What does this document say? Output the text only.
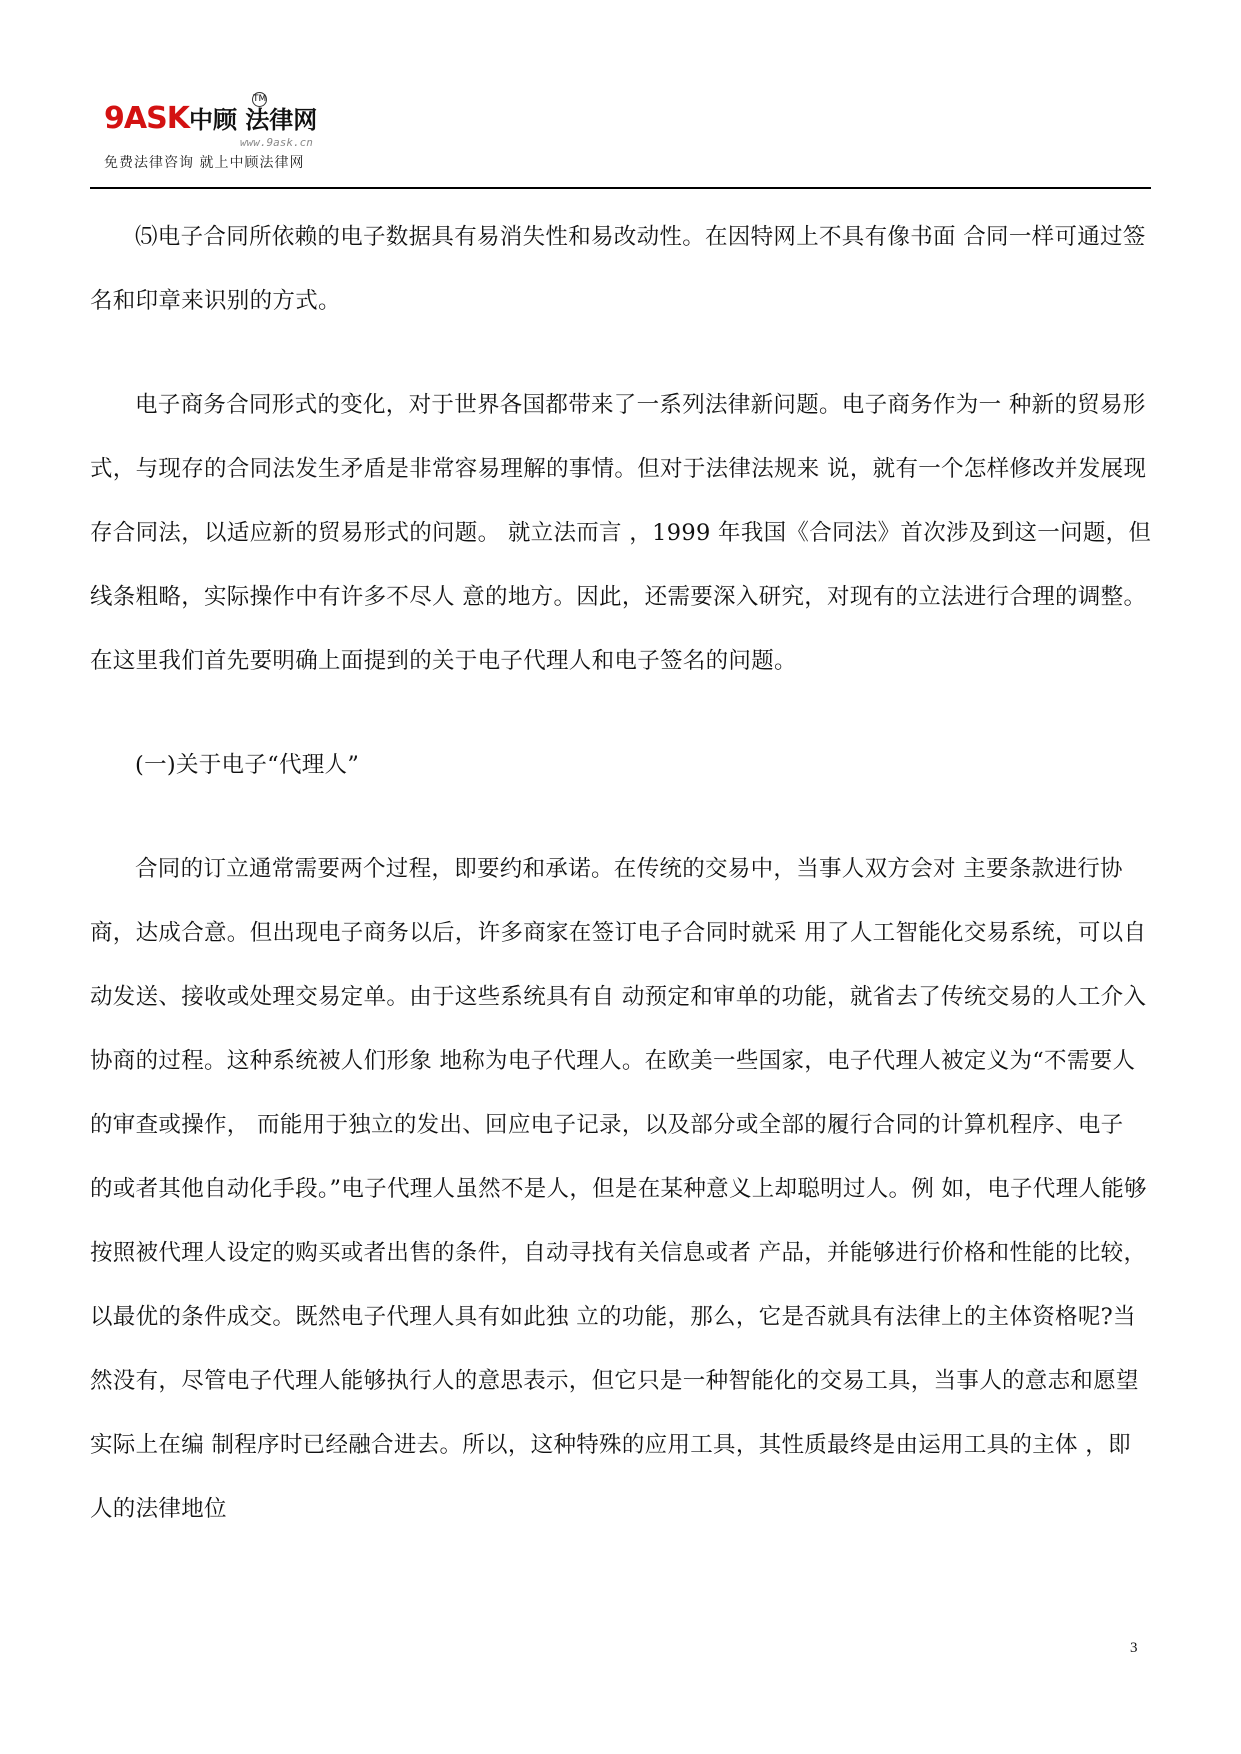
9ASK中顾 法律网
TM
www.9ask.cn
免费法律咨询 就上中顾法律网

⑸电子合同所依赖的电子数据具有易消失性和易改动性。在因特网上不具有像书面 合同一样可通过签名和印章来识别的方式。

电子商务合同形式的变化，对于世界各国都带来了一系列法律新问题。电子商务作为一 种新的贸易形式，与现存的合同法发生矛盾是非常容易理解的事情。但对于法律法规来 说，就有一个怎样修改并发展现存合同法，以适应新的贸易形式的问题。 就立法而言 ，1999 年我国《合同法》首次涉及到这一问题，但线条粗略，实际操作中有许多不尽人 意的地方。因此，还需要深入研究，对现有的立法进行合理的调整。 在这里我们首先要明确上面提到的关于电子代理人和电子签名的问题。

(一)关于电子“代理人”

合同的订立通常需要两个过程，即要约和承诺。在传统的交易中，当事人双方会对 主要条款进行协商，达成合意。但出现电子商务以后，许多商家在签订电子合同时就采 用了人工智能化交易系统，可以自动发送、接收或处理交易定单。由于这些系统具有自 动预定和审单的功能，就省去了传统交易的人工介入协商的过程。这种系统被人们形象 地称为电子代理人。在欧美一些国家，电子代理人被定义为“不需要人的审查或操作， 而能用于独立的发出、回应电子记录，以及部分或全部的履行合同的计算机程序、电子 的或者其他自动化手段。”电子代理人虽然不是人，但是在某种意义上却聪明过人。例 如，电子代理人能够按照被代理人设定的购买或者出售的条件，自动寻找有关信息或者 产品，并能够进行价格和性能的比较，以最优的条件成交。既然电子代理人具有如此独 立的功能，那么，它是否就具有法律上的主体资格呢?当然没有，尽管电子代理人能够执行人的意思表示，但它只是一种智能化的交易工具，当事人的意志和愿望实际上在编 制程序时已经融合进去。所以，这种特殊的应用工具，其性质最终是由运用工具的主体 ，即人的法律地位

3
